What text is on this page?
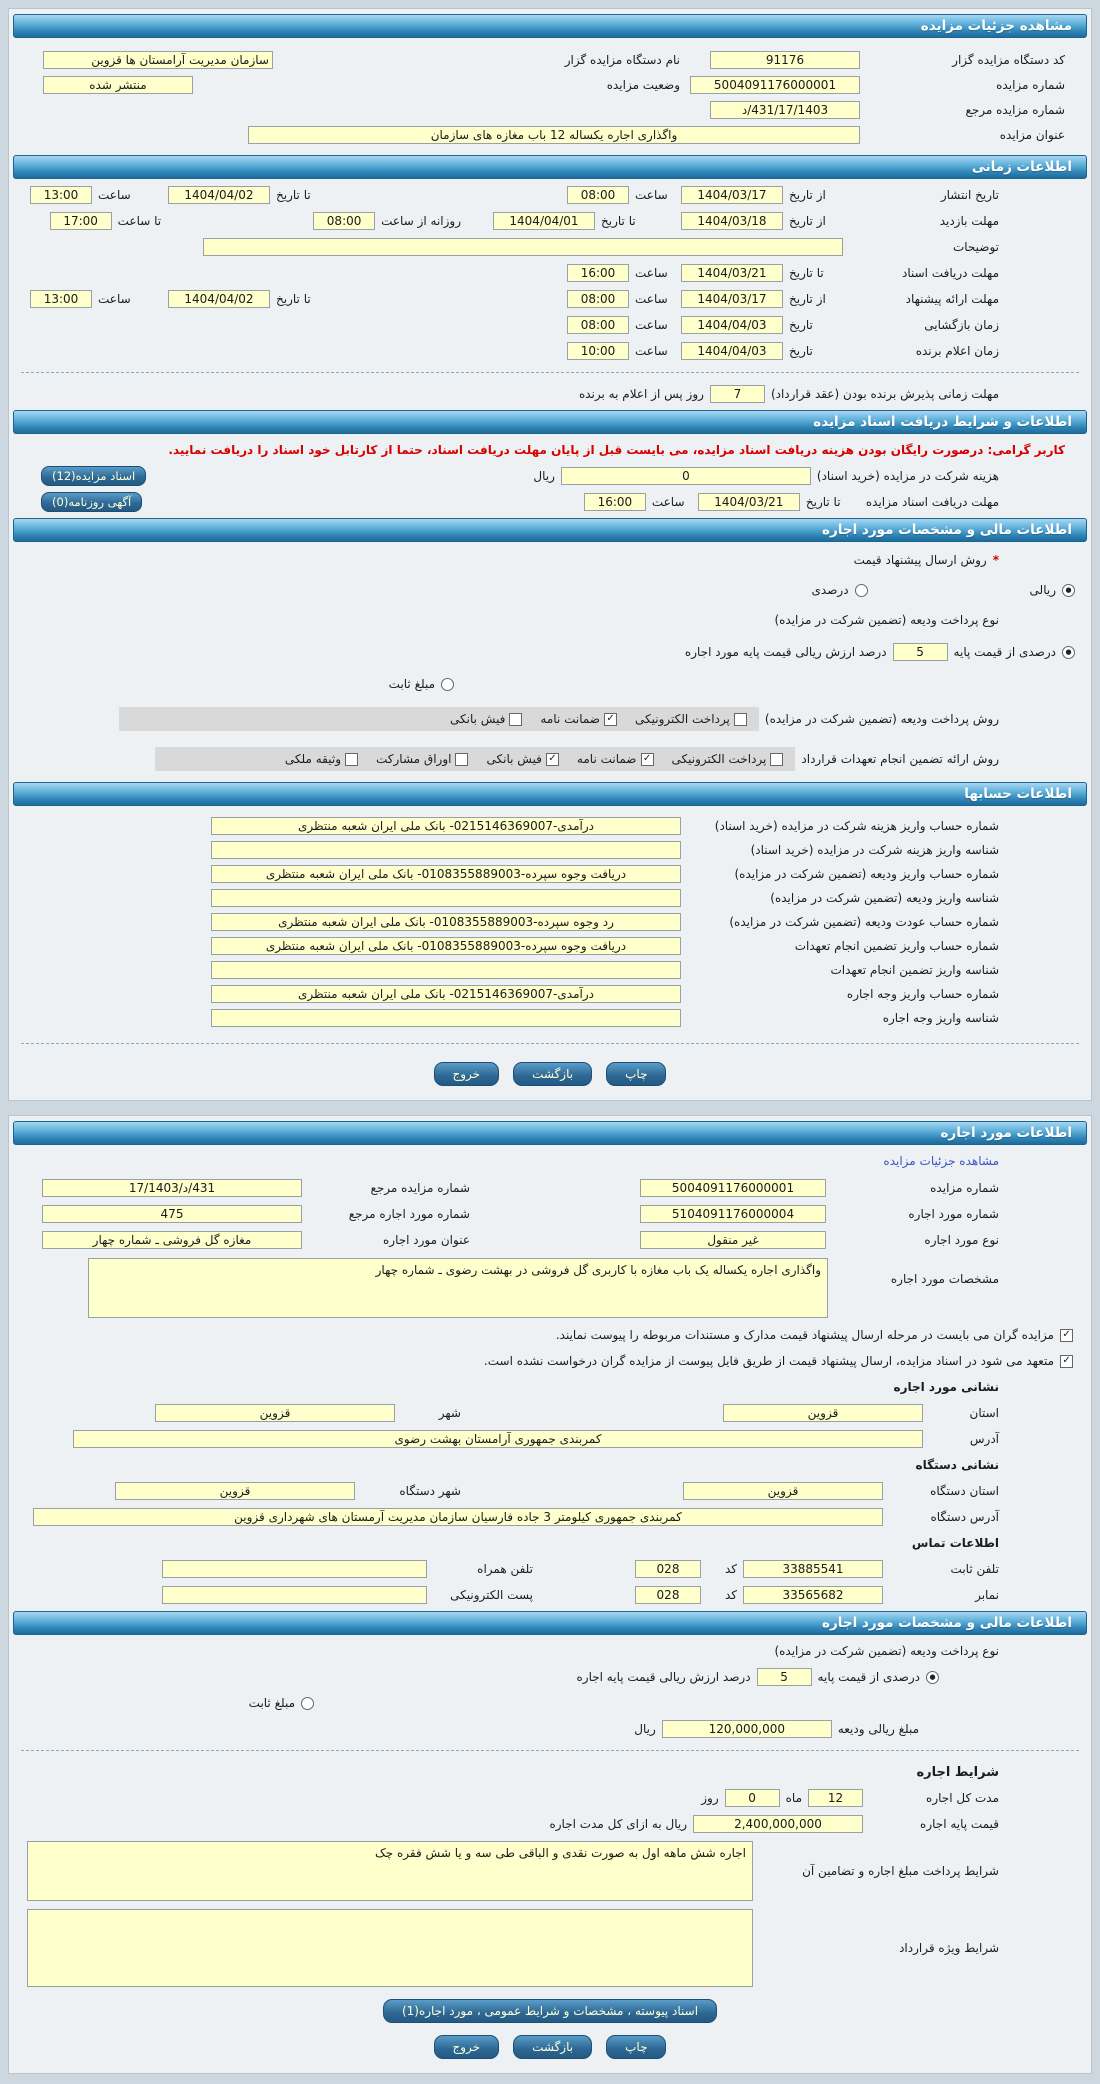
مشاهده جزئیات مزایده
کد دستگاه مزایده گزار
91176
نام دستگاه مزایده گزار
سازمان مدیریت آرامستان ها قزوین
شماره مزایده
5004091176000001
وضعیت مزایده
منتشر شده
شماره مزایده مرجع
د/431/17/1403
عنوان مزایده
واگذاری اجاره یکساله 12 باب مغازه های سازمان
اطلاعات زمانی
تاریخ انتشار
از تاریخ
1404/03/17
ساعت
08:00
تا تاریخ
1404/04/02
ساعت
13:00
مهلت بازدید
از تاریخ
1404/03/18
تا تاریخ
1404/04/01
روزانه از ساعت
08:00
تا ساعت
17:00
توضیحات
مهلت دریافت اسناد
تا تاریخ
1404/03/21
ساعت
16:00
مهلت ارائه پیشنهاد
از تاریخ
1404/03/17
ساعت
08:00
تا تاریخ
1404/04/02
ساعت
13:00
زمان بازگشایی
تاریخ
1404/04/03
ساعت
08:00
زمان اعلام برنده
تاریخ
1404/04/03
ساعت
10:00
مهلت زمانی پذیرش برنده بودن (عقد قرارداد)
7
روز پس از اعلام به برنده
اطلاعات و شرایط دریافت اسناد مزایده
کاربر گرامی: درصورت رایگان بودن هزینه دریافت اسناد مزایده، می بایست قبل از پایان مهلت دریافت اسناد، حتما از کارتابل خود اسناد را دریافت نمایید.
هزینه شرکت در مزایده (خرید اسناد)
0
ریال
اسناد مزایده(12)
مهلت دریافت اسناد مزایده
تا تاریخ
1404/03/21
ساعت
16:00
آگهی روزنامه(0)
اطلاعات مالی و مشخصات مورد اجاره
*
روش ارسال پیشنهاد قیمت
●
ریالی
درصدی
نوع پرداخت ودیعه (تضمین شرکت در مزایده)
●
درصدی از قیمت پایه
5
درصد ارزش ریالی قیمت پایه مورد اجاره
مبلغ ثابت
روش پرداخت ودیعه (تضمین شرکت در مزایده)
پرداخت الکترونیکی
✓
ضمانت نامه
فیش بانکی
روش ارائه تضمین انجام تعهدات قرارداد
پرداخت الکترونیکی
✓
ضمانت نامه
✓
فیش بانکی
اوراق مشارکت
وثیقه ملکی
اطلاعات حسابها
شماره حساب واریز هزینه شرکت در مزایده (خرید اسناد)
درآمدی-0215146369007- بانک ملی ایران شعبه منتظری
شناسه واریز هزینه شرکت در مزایده (خرید اسناد)
شماره حساب واریز ودیعه (تضمین شرکت در مزایده)
دریافت وجوه سپرده-0108355889003- بانک ملی ایران شعبه منتظری
شناسه واریز ودیعه (تضمین شرکت در مزایده)
شماره حساب عودت ودیعه (تضمین شرکت در مزایده)
رد وجوه سپرده-0108355889003- بانک ملی ایران شعبه منتظری
شماره حساب واریز تضمین انجام تعهدات
دریافت وجوه سپرده-0108355889003- بانک ملی ایران شعبه منتظری
شناسه واریز تضمین انجام تعهدات
شماره حساب واریز وجه اجاره
درآمدی-0215146369007- بانک ملی ایران شعبه منتظری
شناسه واریز وجه اجاره
چاپ
بازگشت
خروج
اطلاعات مورد اجاره
مشاهده جزئیات مزایده
شماره مزایده
5004091176000001
شماره مزایده مرجع
17/1403/د/431
شماره مورد اجاره
5104091176000004
شماره مورد اجاره مرجع
475
نوع مورد اجاره
غیر منقول
عنوان مورد اجاره
مغازه گل فروشی ـ شماره چهار
مشخصات مورد اجاره
واگذاری اجاره یکساله یک باب مغازه با کاربری گل فروشی در بهشت رضوی ـ شماره چهار
✓
مزایده گران می بایست در مرحله ارسال پیشنهاد قیمت مدارک و مستندات مربوطه را پیوست نمایند.
✓
متعهد می شود در اسناد مزایده، ارسال پیشنهاد قیمت از طریق فایل پیوست از مزایده گران درخواست نشده است.
نشانی مورد اجاره
استان
قزوین
شهر
قزوین
آدرس
کمربندی جمهوری آرامستان بهشت رضوی
نشانی دستگاه
استان دستگاه
قزوین
شهر دستگاه
قزوین
آدرس دستگاه
کمربندی جمهوری کیلومتر 3 جاده فارسیان سازمان مدیریت آرمستان های شهرداری قزوین
اطلاعات تماس
تلفن ثابت
33885541
کد
028
تلفن همراه
نمابر
33565682
کد
028
پست الکترونیکی
اطلاعات مالی و مشخصات مورد اجاره
نوع پرداخت ودیعه (تضمین شرکت در مزایده)
●
درصدی از قیمت پایه
5
درصد ارزش ریالی قیمت پایه اجاره
مبلغ ثابت
مبلغ ریالی ودیعه
120,000,000
ریال
شرایط اجاره
مدت کل اجاره
12
ماه
0
روز
قیمت پایه اجاره
2,400,000,000
ریال به ازای کل مدت اجاره
شرایط پرداخت مبلغ اجاره و تضامین آن
اجاره شش ماهه اول به صورت نقدی و الباقی طی سه و یا شش فقره چک
شرایط ویژه قرارداد
اسناد پیوسته ، مشخصات و شرایط عمومی ، مورد اجاره(1)
چاپ
بازگشت
خروج
